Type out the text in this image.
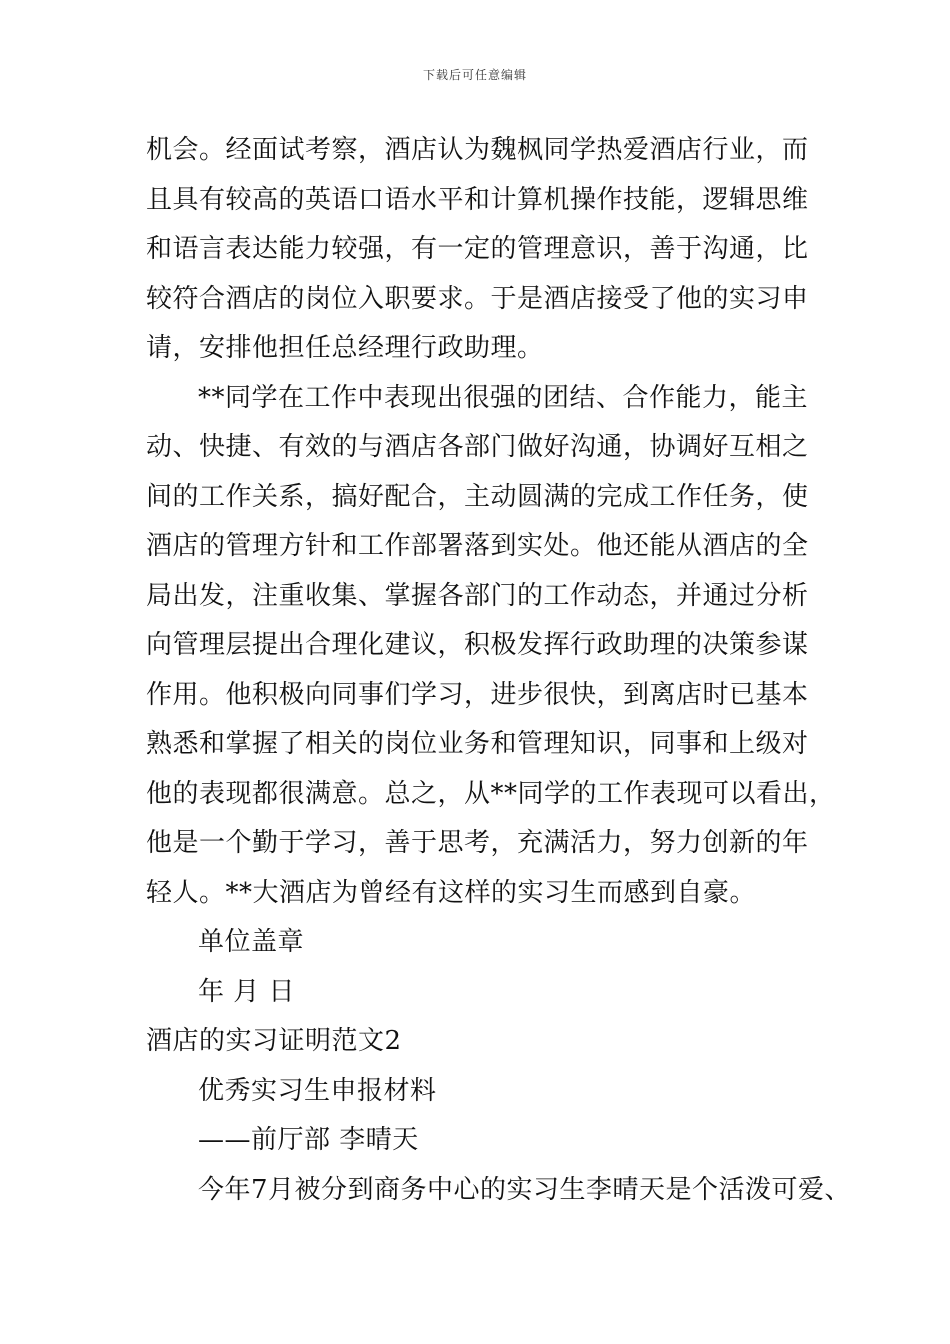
下载后可任意编辑
机会。经面试考察，酒店认为魏枫同学热爱酒店行业，而
且具有较高的英语口语水平和计算机操作技能，逻辑思维
和语言表达能力较强，有一定的管理意识，善于沟通，比
较符合酒店的岗位入职要求。于是酒店接受了他的实习申
请，安排他担任总经理行政助理。
**同学在工作中表现出很强的团结、合作能力，能主
动、快捷、有效的与酒店各部门做好沟通，协调好互相之
间的工作关系，搞好配合，主动圆满的完成工作任务，使
酒店的管理方针和工作部署落到实处。他还能从酒店的全
局出发，注重收集、掌握各部门的工作动态，并通过分析
向管理层提出合理化建议，积极发挥行政助理的决策参谋
作用。他积极向同事们学习，进步很快，到离店时已基本
熟悉和掌握了相关的岗位业务和管理知识，同事和上级对
他的表现都很满意。总之，从**同学的工作表现可以看出，
他是一个勤于学习，善于思考，充满活力，努力创新的年
轻人。**大酒店为曾经有这样的实习生而感到自豪。
单位盖章
年 月 日
酒店的实习证明范文2
优秀实习生申报材料
——前厅部 李晴天
今年7月被分到商务中心的实习生李晴天是个活泼可爱、
